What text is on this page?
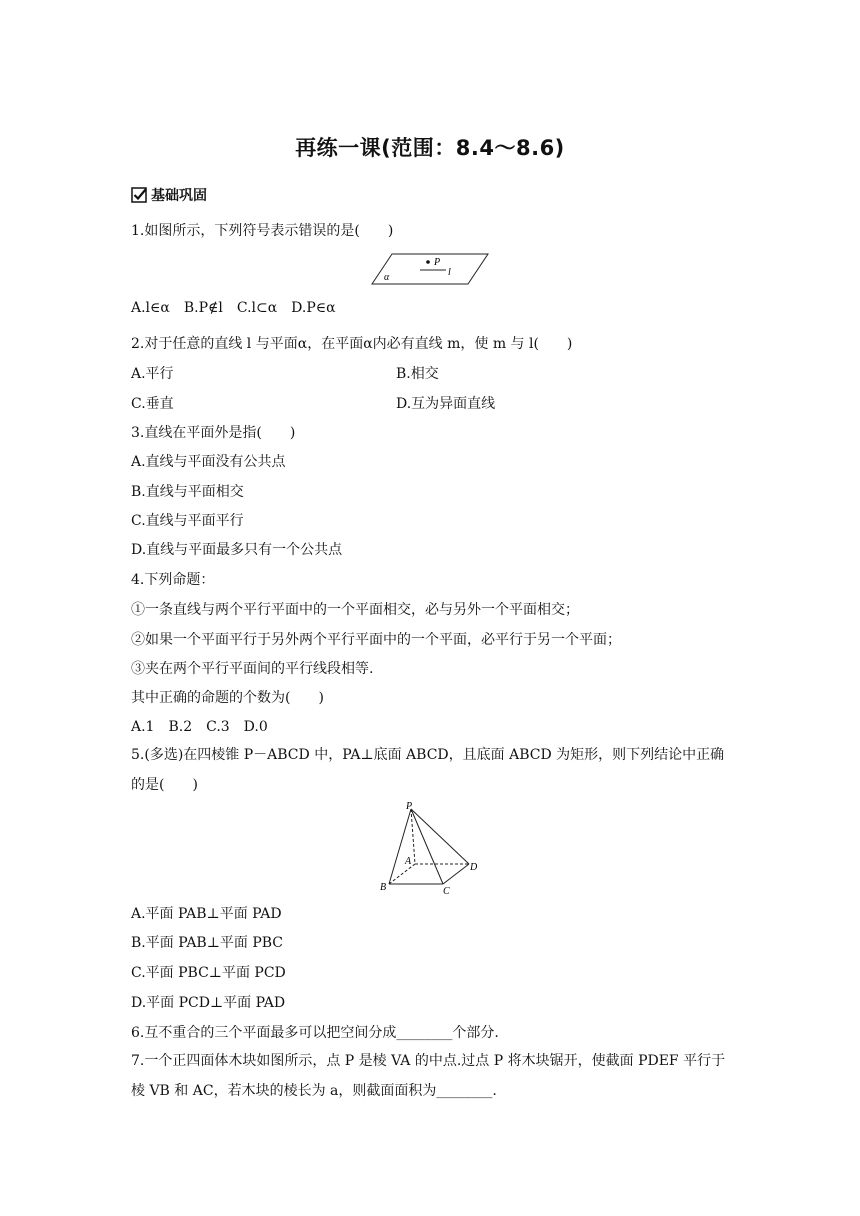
再练一课(范围：8.4～8.6)
基础巩固
1.如图所示，下列符号表示错误的是(　　)
P
l
α
A.l∈α　B.P∉l　C.l⊂α　D.P∈α
2.对于任意的直线 l 与平面α，在平面α内必有直线 m，使 m 与 l(　　)
A.平行	B.相交
C.垂直	D.互为异面直线
3.直线在平面外是指(　　)
A.直线与平面没有公共点
B.直线与平面相交
C.直线与平面平行
D.直线与平面最多只有一个公共点
4.下列命题：
①一条直线与两个平行平面中的一个平面相交，必与另外一个平面相交；
②如果一个平面平行于另外两个平行平面中的一个平面，必平行于另一个平面；
③夹在两个平行平面间的平行线段相等.
其中正确的命题的个数为(　　)
A.1　B.2　C.3　D.0
5.(多选)在四棱锥 P－ABCD 中，PA⊥底面 ABCD，且底面 ABCD 为矩形，则下列结论中正确的是(　　)
P
A
B	C
D
A.平面 PAB⊥平面 PAD
B.平面 PAB⊥平面 PBC
C.平面 PBC⊥平面 PCD
D.平面 PCD⊥平面 PAD
6.互不重合的三个平面最多可以把空间分成________个部分.
7.一个正四面体木块如图所示，点 P 是棱 VA 的中点.过点 P 将木块锯开，使截面 PDEF 平行于棱 VB 和 AC，若木块的棱长为 a，则截面面积为________.
